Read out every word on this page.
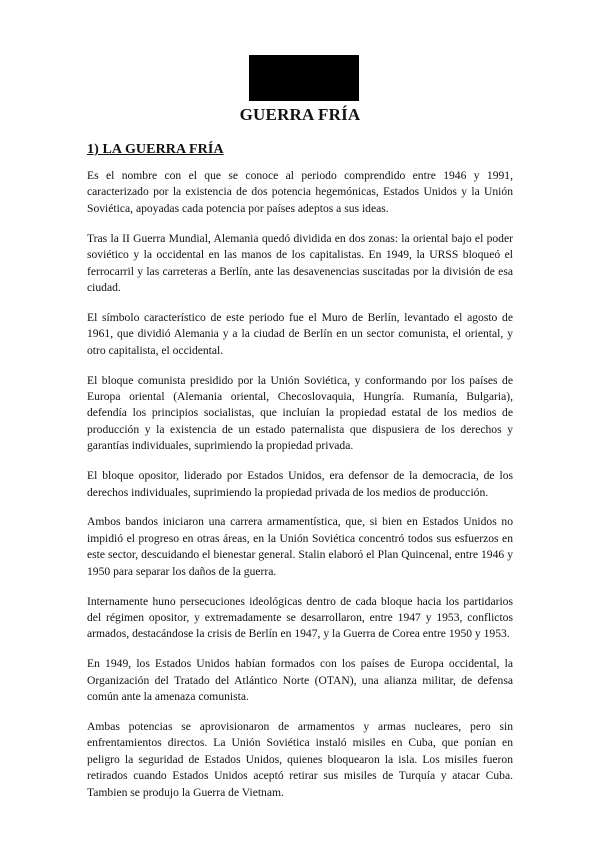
GUERRA FRÍA
1) LA GUERRA FRÍA

Es el nombre con el que se conoce al periodo comprendido entre 1946 y 1991, caracterizado por la existencia de dos potencia hegemónicas, Estados Unidos y la Unión Soviética, apoyadas cada potencia por países adeptos a sus ideas.

Tras la II Guerra Mundial, Alemania quedó dividida en dos zonas: la oriental bajo el poder soviético y la occidental en las manos de los capitalistas. En 1949, la URSS bloqueó el ferrocarril y las carreteras a Berlín, ante las desavenencias suscitadas por la división de esa ciudad.

El símbolo característico de este periodo fue el Muro de Berlín, levantado el agosto de 1961, que dividió Alemania y a la ciudad de Berlín en un sector comunista, el oriental, y otro capitalista, el occidental.

El bloque comunista presidido por la Unión Soviética, y conformando por los países de Europa oriental (Alemania oriental, Checoslovaquia, Hungría. Rumanía, Bulgaria), defendía los principios socialistas, que incluían la propiedad estatal de los medios de producción y la existencia de un estado paternalista que dispusiera de los derechos y garantías individuales, suprimiendo la propiedad privada.

El bloque opositor, liderado por Estados Unidos, era defensor de la democracia, de los derechos individuales, suprimiendo la propiedad privada de los medios de producción.

Ambos bandos iniciaron una carrera armamentística, que, si bien en Estados Unidos no impidió el progreso en otras áreas, en la Unión Soviética concentró todos sus esfuerzos en este sector, descuidando el bienestar general. Stalin elaboró el Plan Quincenal, entre 1946 y 1950 para separar los daños de la guerra.

Internamente huno persecuciones ideológicas dentro de cada bloque hacia los partidarios del régimen opositor, y extremadamente se desarrollaron, entre 1947 y 1953, conflictos armados, destacándose la crisis de Berlín en 1947, y la Guerra de Corea entre 1950 y 1953.

En 1949, los Estados Unidos habían formados con los países de Europa occidental, la Organización del Tratado del Atlántico Norte (OTAN), una alianza militar, de defensa común ante la amenaza comunista.

Ambas potencias se aprovisionaron de armamentos y armas nucleares, pero sin enfrentamientos directos. La Unión Soviética instaló misiles en Cuba, que ponían en peligro la seguridad de Estados Unidos, quienes bloquearon la isla. Los misiles fueron retirados cuando Estados Unidos aceptó retirar sus misiles de Turquía y atacar Cuba. Tambien se produjo la Guerra de Vietnam.
